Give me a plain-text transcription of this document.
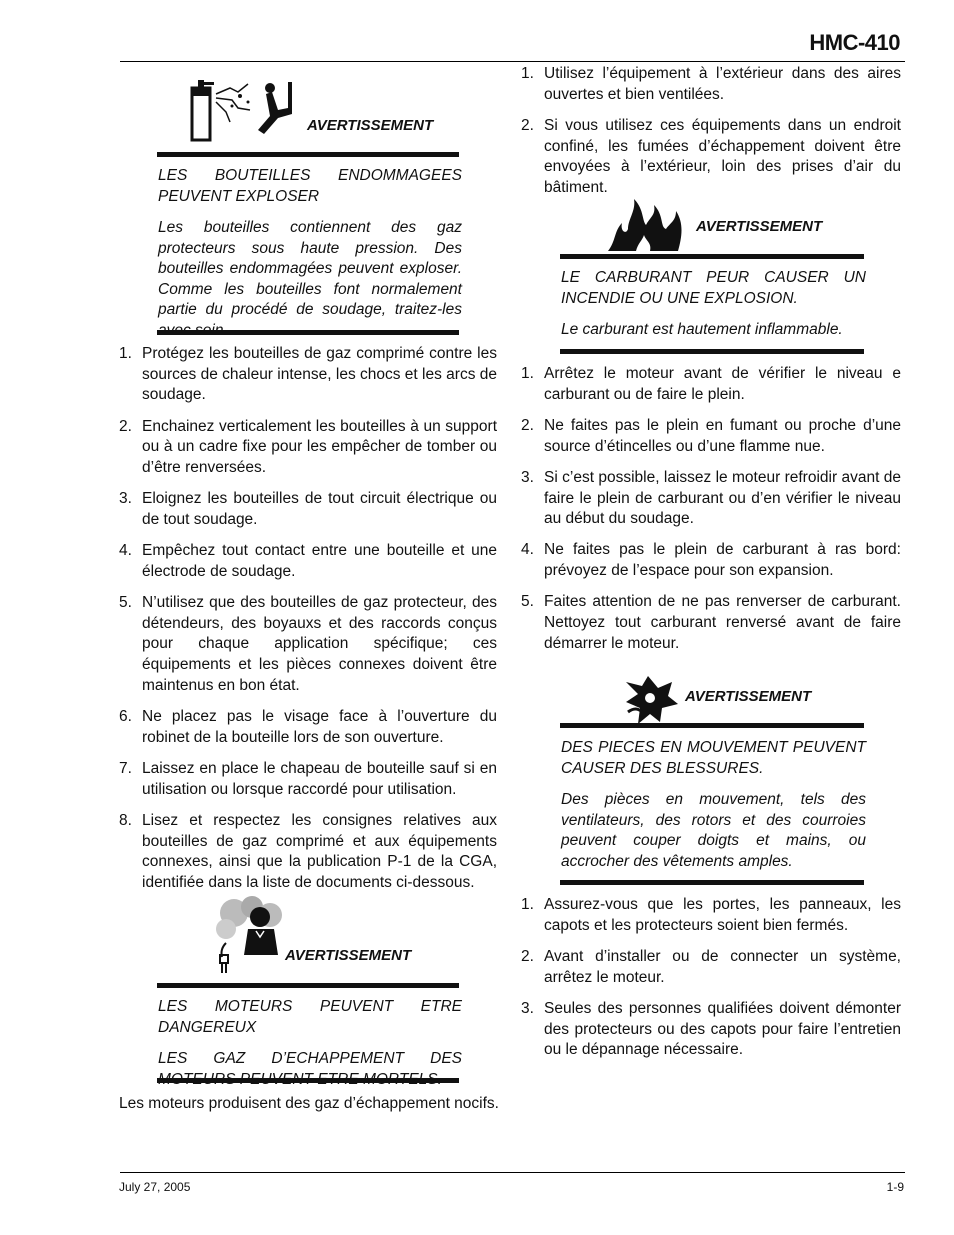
HMC-410
AVERTISSEMENT

LES BOUTEILLES ENDOMMAGEES PEUVENT EXPLOSER

Les bouteilles contiennent des gaz protecteurs sous haute pression. Des bouteilles endommagées peuvent exploser. Comme les bouteilles font normalement partie du procédé de soudage, traitez-les

1. Protégez les bouteilles de gaz comprimé contre les sources de chaleur intense, les chocs et les arcs de soudage.
2. Enchainez verticalement les bouteilles à un support ou à un cadre fixe pour les empêcher de tomber ou d’être renversées.
3. Eloignez les bouteilles de tout circuit électrique ou de tout soudage.
4. Empêchez tout contact entre une bouteille et une électrode de soudage.
5. N’utilisez que des bouteilles de gaz protecteur, des détendeurs, des boyauxs et des raccords conçus pour chaque application spécifique; ces équipements et les pièces connexes doivent être maintenus en bon état.
6. Ne placez pas le visage face à l’ouverture du robinet de la bouteille lors de son ouverture.
7. Laissez en place le chapeau de bouteille sauf si en utilisation ou lorsque raccordé pour utilisation.
8. Lisez et respectez les consignes relatives aux bouteilles de gaz comprimé et aux équipements connexes, ainsi que la publication P-1 de la CGA, identifiée dans la liste de documents ci-dessous.
AVERTISSEMENT

LES MOTEURS PEUVENT ETRE DANGEREUX

LES GAZ D’ECHAPPEMENT DES

Les moteurs produisent des gaz d’échappement nocifs.
1. Utilisez l’équipement à l’extérieur dans des aires ouvertes et bien ventilées.
2. Si vous utilisez ces équipements dans un endroit confiné, les fumées d’échappement doivent être envoyées à l’extérieur, loin des prises d’air du bâtiment.
AVERTISSEMENT

LE CARBURANT PEUR CAUSER UN INCENDIE OU UNE EXPLOSION.

Le carburant est hautement inflammable.

1. Arrêtez le moteur avant de vérifier le niveau e carburant ou de faire le plein.
2. Ne faites pas le plein en fumant ou proche d’une source d’étincelles ou d’une flamme nue.
3. Si c’est possible, laissez le moteur refroidir avant de faire le plein de carburant ou d’en vérifier le niveau au début du soudage.
4. Ne faites pas le plein de carburant à ras bord: prévoyez de l’espace pour son expansion.
5. Faites attention de ne pas renverser de carburant. Nettoyez tout carburant renversé avant de faire démarrer le moteur.
AVERTISSEMENT

DES PIECES EN MOUVEMENT PEUVENT CAUSER DES BLESSURES.

Des pièces en mouvement, tels des ventilateurs, des rotors et des courroies peuvent couper doigts et mains, ou accrocher des vêtements amples.

1. Assurez-vous que les portes, les panneaux, les capots et les protecteurs soient bien fermés.
2. Avant d’installer ou de connecter un système, arrêtez le moteur.
3. Seules des personnes qualifiées doivent démonter des protecteurs ou des capots pour faire l’entretien ou le dépannage nécessaire.
July 27, 2005	1-9
